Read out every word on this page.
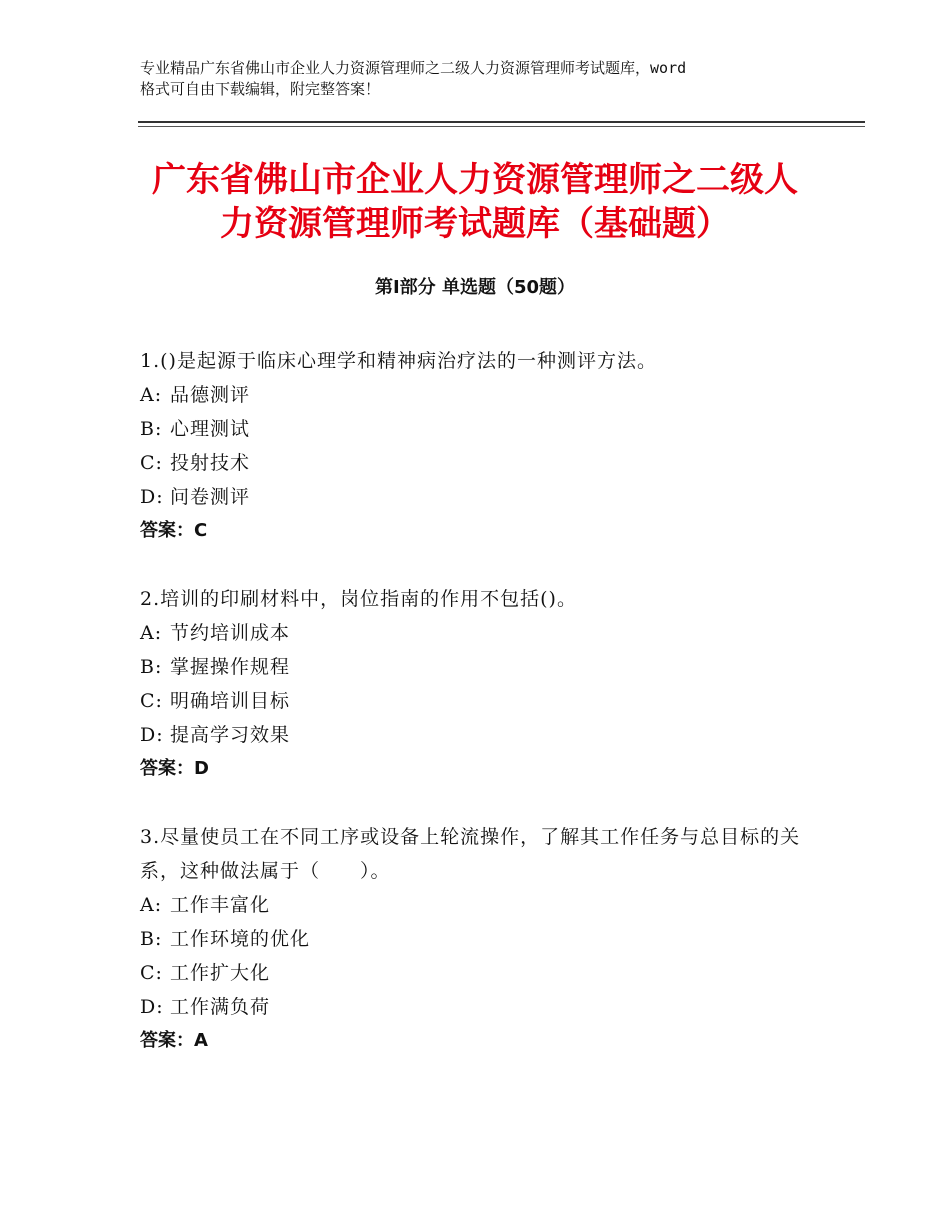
专业精品广东省佛山市企业人力资源管理师之二级人力资源管理师考试题库，word
格式可自由下载编辑，附完整答案！
广东省佛山市企业人力资源管理师之二级人
力资源管理师考试题库（基础题）
第Ⅰ部分 单选题（50题）
1.()是起源于临床心理学和精神病治疗法的一种测评方法。
A: 品德测评
B: 心理测试
C: 投射技术
D: 问卷测评
答案：C
2.培训的印刷材料中，岗位指南的作用不包括()。
A: 节约培训成本
B: 掌握操作规程
C: 明确培训目标
D: 提高学习效果
答案：D
3.尽量使员工在不同工序或设备上轮流操作，了解其工作任务与总目标的关系，这种做法属于（　　）。
A: 工作丰富化
B: 工作环境的优化
C: 工作扩大化
D: 工作满负荷
答案：A
